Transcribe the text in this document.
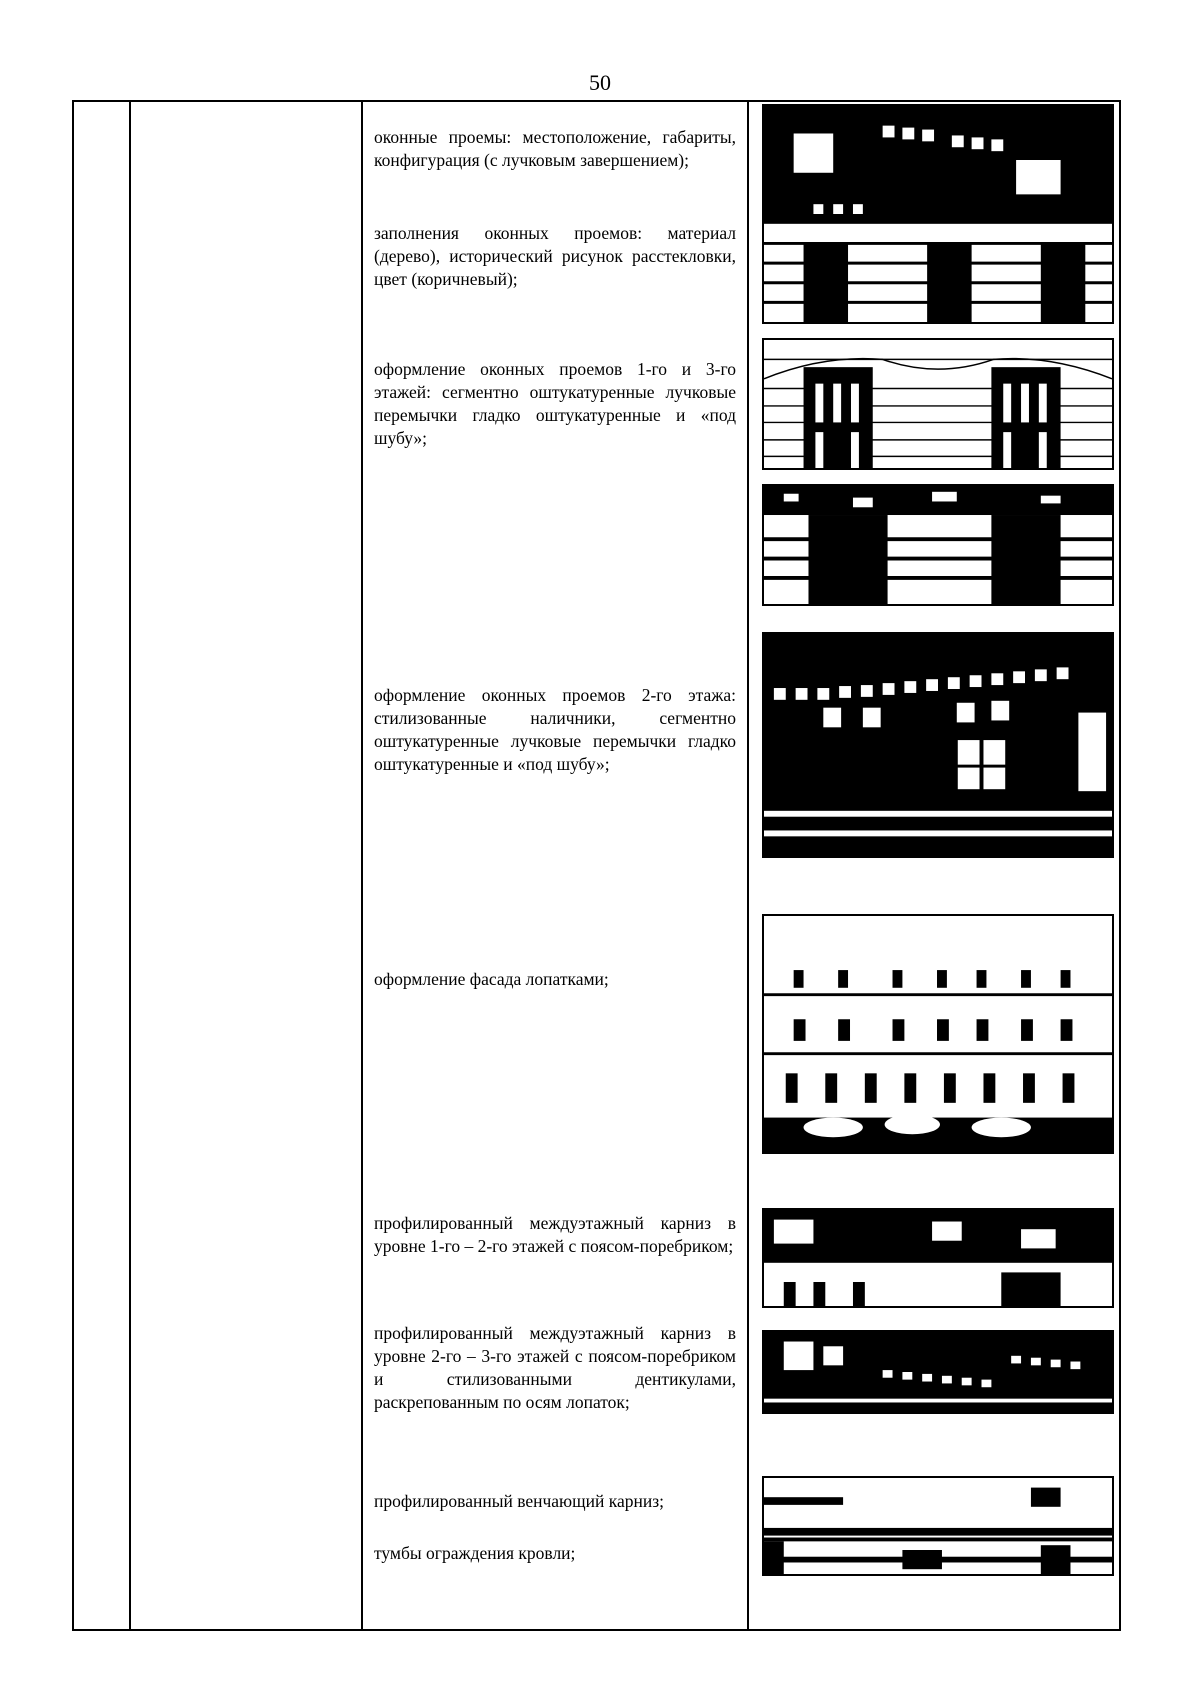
50
оконные проемы: местоположение, габариты, конфигурация (с лучковым завершением);
заполнения оконных проемов: материал (дерево), исторический рисунок расстекловки, цвет (коричневый);
оформление оконных проемов 1-го и 3-го этажей: сегментно оштукатуренные лучковые перемычки гладко оштукатуренные и «под шубу»;
оформление оконных проемов 2-го этажа: стилизованные наличники, сегментно оштукатуренные лучковые перемычки гладко оштукатуренные и «под шубу»;
оформление фасада лопатками;
профилированный междуэтажный карниз в уровне 1-го – 2-го этажей с поясом-поребриком;
профилированный междуэтажный карниз в уровне 2-го – 3-го этажей с поясом-поребриком и стилизованными дентикулами, раскрепованным по осям лопаток;
профилированный венчающий карниз;
тумбы ограждения кровли;
